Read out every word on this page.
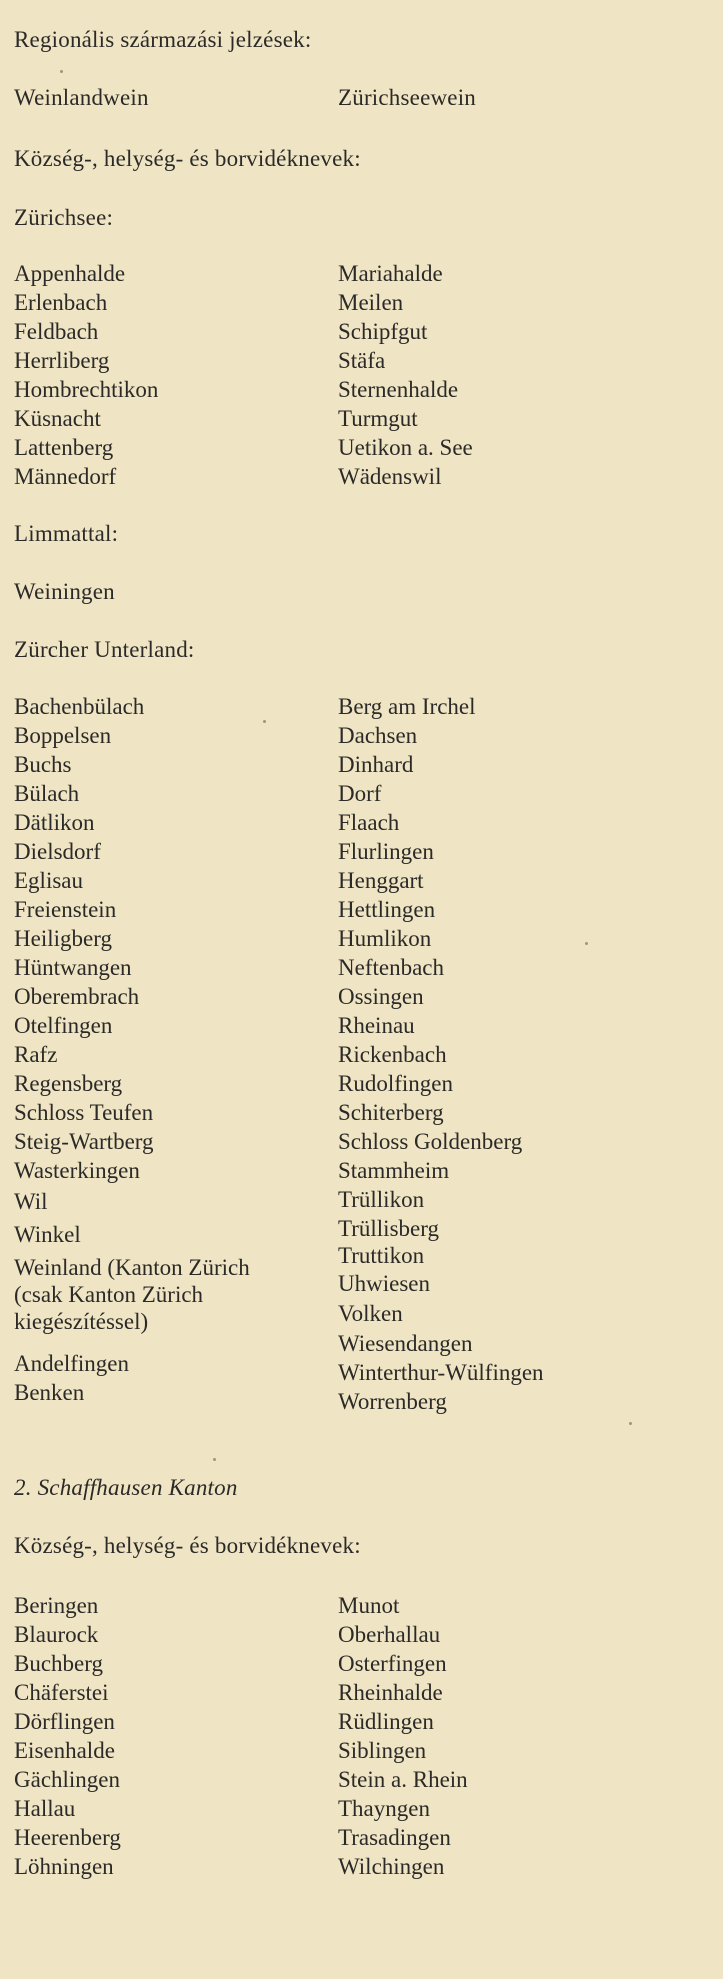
Regionális származási jelzések:
Weinlandwein	Zürichseewein
Község-, helység- és borvidéknevek:
Zürichsee:
Appenhalde
Erlenbach
Feldbach
Herrliberg
Hombrechtikon
Küsnacht
Lattenberg
Männedorf
Mariahalde
Meilen
Schipfgut
Stäfa
Sternenhalde
Turmgut
Uetikon a. See
Wädenswil
Limmattal:
Weiningen
Zürcher Unterland:
Bachenbülach
Boppelsen
Buchs
Bülach
Dätlikon
Dielsdorf
Eglisau
Freienstein
Heiligberg
Hüntwangen
Oberembrach
Otelfingen
Rafz
Regensberg
Schloss Teufen
Steig-Wartberg
Wasterkingen
Wil
Winkel
Weinland (Kanton Zürich
(csak Kanton Zürich
kiegészítéssel)
Andelfingen
Benken
Berg am Irchel
Dachsen
Dinhard
Dorf
Flaach
Flurlingen
Henggart
Hettlingen
Humlikon
Neftenbach
Ossingen
Rheinau
Rickenbach
Rudolfingen
Schiterberg
Schloss Goldenberg
Stammheim
Trüllikon
Trüllisberg
Truttikon
Uhwiesen
Volken
Wiesendangen
Winterthur-Wülfingen
Worrenberg
2. Schaffhausen Kanton
Község-, helység- és borvidéknevek:
Beringen
Blaurock
Buchberg
Chäferstei
Dörflingen
Eisenhalde
Gächlingen
Hallau
Heerenberg
Löhningen
Munot
Oberhallau
Osterfingen
Rheinhalde
Rüdlingen
Siblingen
Stein a. Rhein
Thayngen
Trasadingen
Wilchingen
